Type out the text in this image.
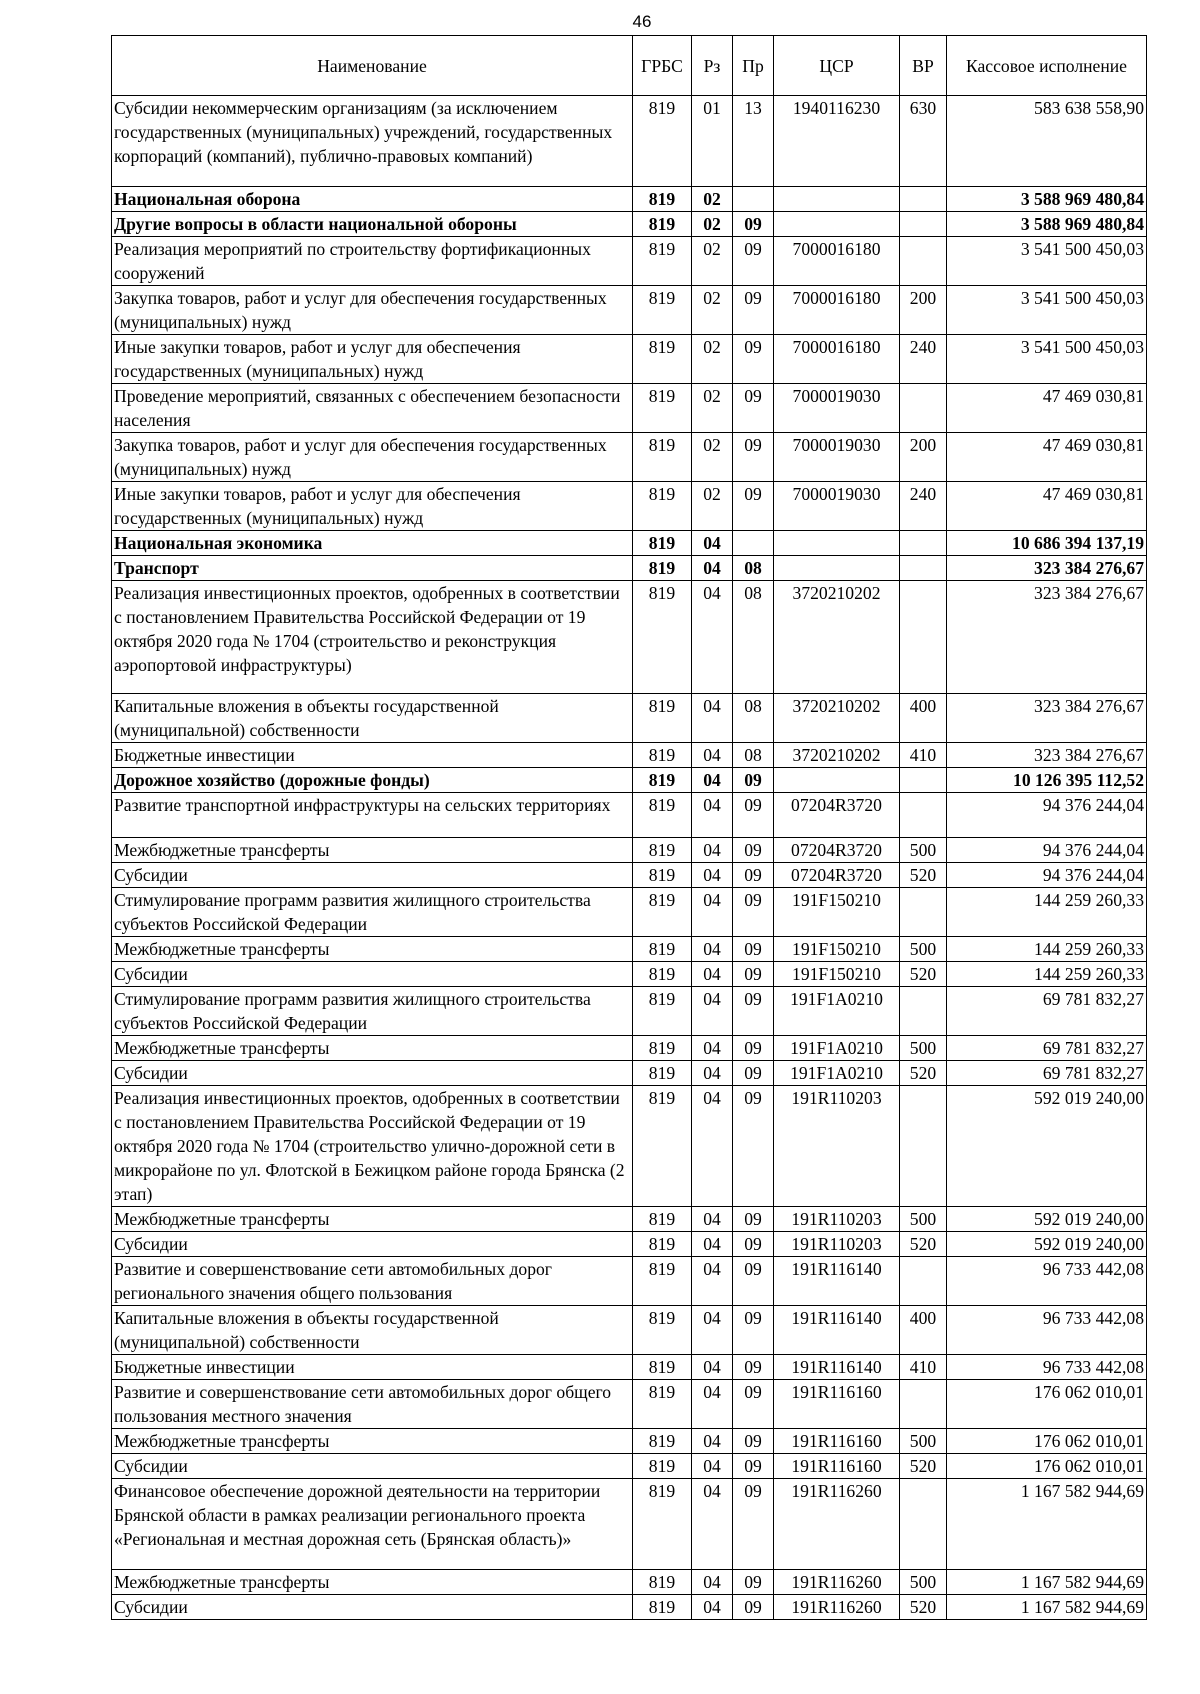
46
Наименование	ГРБС	Рз	Пр	ЦСР	ВР	Кассовое исполнение
Субсидии некоммерческим организациям (за исключением государственных (муниципальных) учреждений, государственных корпораций (компаний), публично-правовых компаний)	819	01	13	1940116230	630	583 638 558,90
Национальная оборона	819	02				3 588 969 480,84
Другие вопросы в области национальной обороны	819	02	09			3 588 969 480,84
Реализация мероприятий по строительству фортификационных сооружений	819	02	09	7000016180		3 541 500 450,03
Закупка товаров, работ и услуг для обеспечения государственных (муниципальных) нужд	819	02	09	7000016180	200	3 541 500 450,03
Иные закупки товаров, работ и услуг для обеспечения государственных (муниципальных) нужд	819	02	09	7000016180	240	3 541 500 450,03
Проведение мероприятий, связанных с обеспечением безопасности населения	819	02	09	7000019030		47 469 030,81
Закупка товаров, работ и услуг для обеспечения государственных (муниципальных) нужд	819	02	09	7000019030	200	47 469 030,81
Иные закупки товаров, работ и услуг для обеспечения государственных (муниципальных) нужд	819	02	09	7000019030	240	47 469 030,81
Национальная экономика	819	04				10 686 394 137,19
Транспорт	819	04	08			323 384 276,67
Реализация инвестиционных проектов, одобренных в соответствии с постановлением Правительства Российской Федерации от 19 октября 2020 года № 1704 (строительство и реконструкция аэропортовой инфраструктуры)	819	04	08	3720210202		323 384 276,67
Капитальные вложения в объекты государственной (муниципальной) собственности	819	04	08	3720210202	400	323 384 276,67
Бюджетные инвестиции	819	04	08	3720210202	410	323 384 276,67
Дорожное хозяйство (дорожные фонды)	819	04	09			10 126 395 112,52
Развитие транспортной инфраструктуры на сельских территориях	819	04	09	07204R3720		94 376 244,04
Межбюджетные трансферты	819	04	09	07204R3720	500	94 376 244,04
Субсидии	819	04	09	07204R3720	520	94 376 244,04
Стимулирование программ развития жилищного строительства субъектов Российской Федерации	819	04	09	191F150210		144 259 260,33
Межбюджетные трансферты	819	04	09	191F150210	500	144 259 260,33
Субсидии	819	04	09	191F150210	520	144 259 260,33
Стимулирование программ развития жилищного строительства субъектов Российской Федерации	819	04	09	191F1A0210		69 781 832,27
Межбюджетные трансферты	819	04	09	191F1A0210	500	69 781 832,27
Субсидии	819	04	09	191F1A0210	520	69 781 832,27
Реализация инвестиционных проектов, одобренных в соответствии с постановлением Правительства Российской Федерации от 19 октября 2020 года № 1704 (строительство улично-дорожной сети в микрорайоне по ул. Флотской в Бежицком районе города Брянска (2 этап)	819	04	09	191R110203		592 019 240,00
Межбюджетные трансферты	819	04	09	191R110203	500	592 019 240,00
Субсидии	819	04	09	191R110203	520	592 019 240,00
Развитие и совершенствование сети автомобильных дорог регионального значения общего пользования	819	04	09	191R116140		96 733 442,08
Капитальные вложения в объекты государственной (муниципальной) собственности	819	04	09	191R116140	400	96 733 442,08
Бюджетные инвестиции	819	04	09	191R116140	410	96 733 442,08
Развитие и совершенствование сети автомобильных дорог общего пользования местного значения	819	04	09	191R116160		176 062 010,01
Межбюджетные трансферты	819	04	09	191R116160	500	176 062 010,01
Субсидии	819	04	09	191R116160	520	176 062 010,01
Финансовое обеспечение дорожной деятельности на территории Брянской области в рамках реализации регионального проекта «Региональная и местная дорожная сеть (Брянская область)»	819	04	09	191R116260		1 167 582 944,69
Межбюджетные трансферты	819	04	09	191R116260	500	1 167 582 944,69
Субсидии	819	04	09	191R116260	520	1 167 582 944,69
